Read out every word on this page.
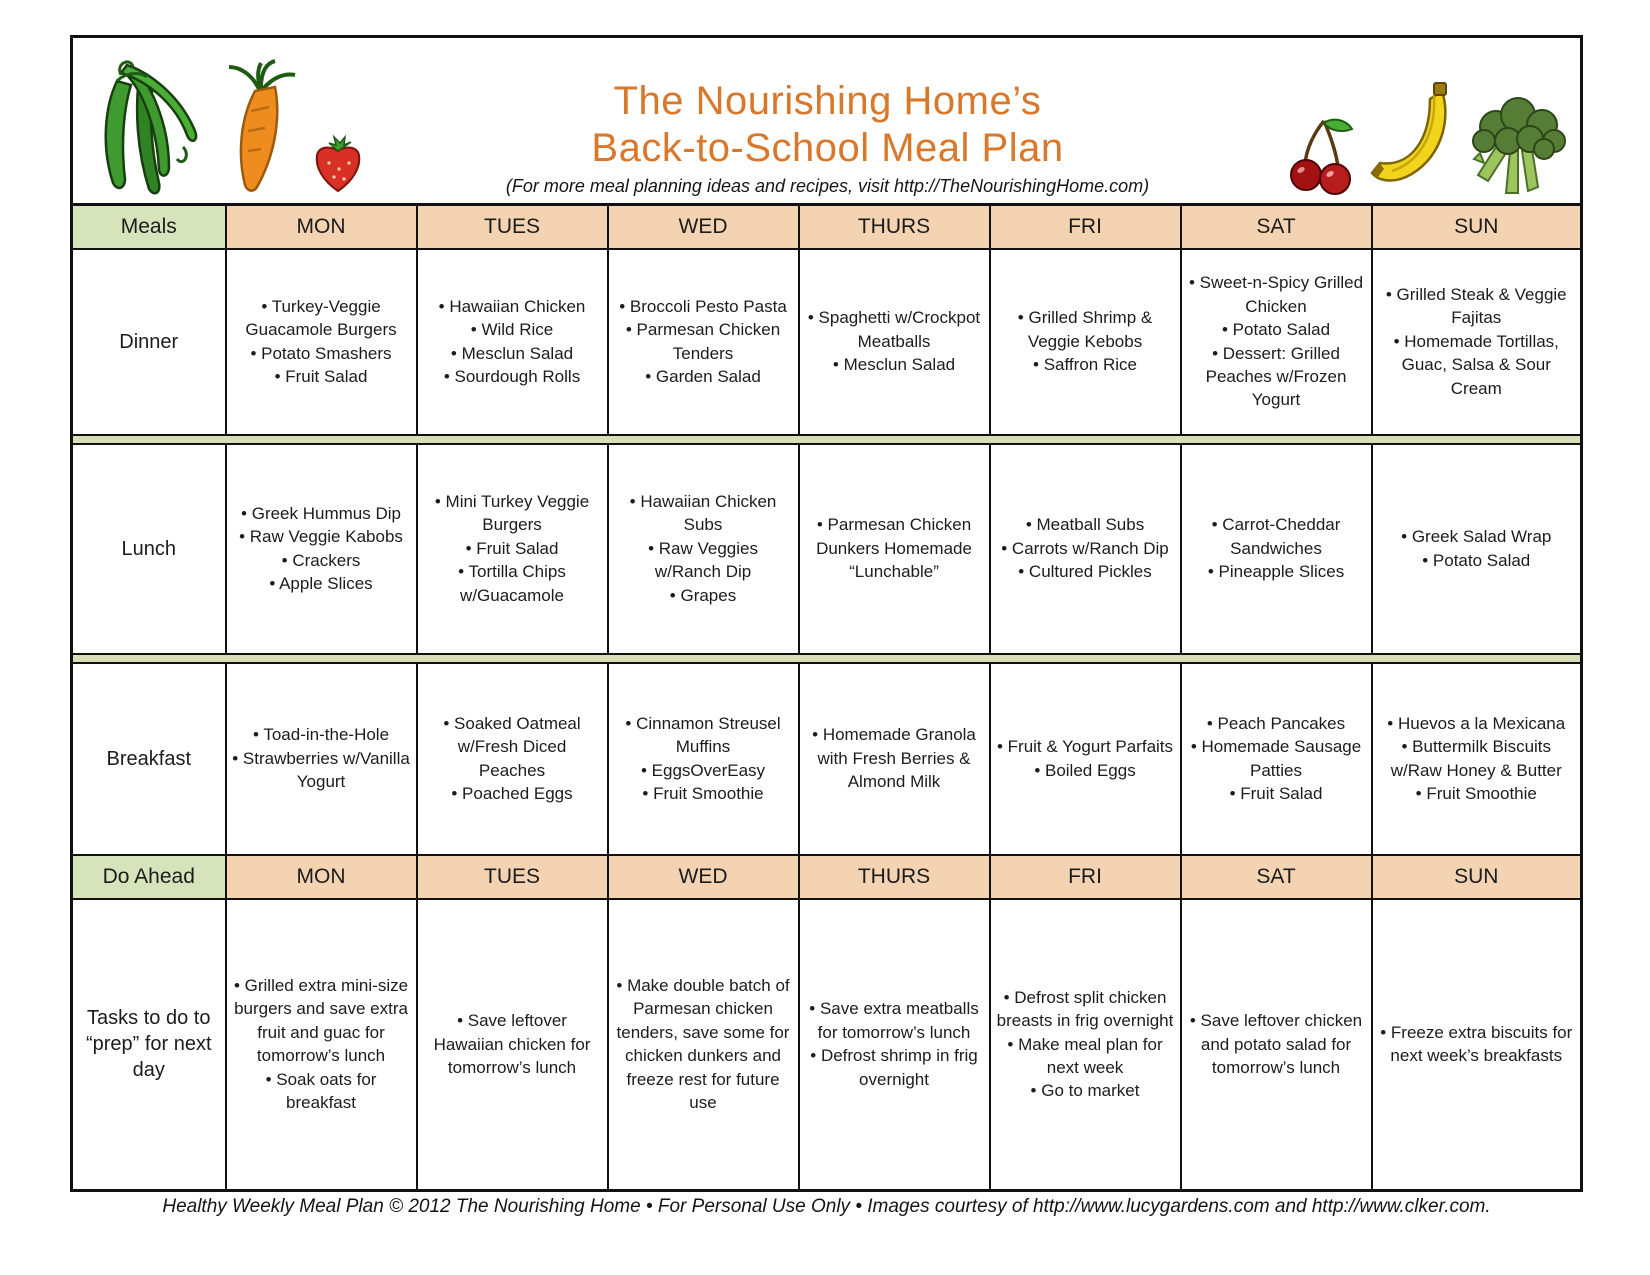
The Nourishing Home’s
Back-to-School Meal Plan
(For more meal planning ideas and recipes, visit http://TheNourishingHome.com)
Meals	MON	TUES	WED	THURS	FRI	SAT	SUN
Dinner	
• Turkey-Veggie Guacamole Burgers
• Potato Smashers
• Fruit Salad

• Hawaiian Chicken
• Wild Rice
• Mesclun Salad
• Sourdough Rolls

• Broccoli Pesto Pasta
• Parmesan Chicken Tenders
• Garden Salad

• Spaghetti w/Crockpot Meatballs
• Mesclun Salad

• Grilled Shrimp & Veggie Kebobs
• Saffron Rice

• Sweet-n-Spicy Grilled Chicken
• Potato Salad
• Dessert: Grilled Peaches w/Frozen Yogurt

• Grilled Steak & Veggie Fajitas
• Homemade Tortillas, Guac, Salsa & Sour Cream

Lunch	
• Greek Hummus Dip
• Raw Veggie Kabobs
• Crackers
• Apple Slices

• Mini Turkey Veggie Burgers
• Fruit Salad
• Tortilla Chips w/Guacamole

• Hawaiian Chicken Subs
• Raw Veggies w/Ranch Dip
• Grapes

• Parmesan Chicken Dunkers Homemade “Lunchable”

• Meatball Subs
• Carrots w/Ranch Dip
• Cultured Pickles

• Carrot-Cheddar Sandwiches
• Pineapple Slices

• Greek Salad Wrap
• Potato Salad

Breakfast	
• Toad-in-the-Hole
• Strawberries w/Vanilla Yogurt

• Soaked Oatmeal w/Fresh Diced Peaches
• Poached Eggs

• Cinnamon Streusel Muffins
• EggsOverEasy
• Fruit Smoothie

• Homemade Granola with Fresh Berries & Almond Milk

• Fruit & Yogurt Parfaits
• Boiled Eggs

• Peach Pancakes
• Homemade Sausage Patties
• Fruit Salad

• Huevos a la Mexicana
• Buttermilk Biscuits w/Raw Honey & Butter
• Fruit Smoothie

Do Ahead	MON	TUES	WED	THURS	FRI	SAT	SUN
Tasks to do to “prep” for next day	
• Grilled extra mini-size burgers and save extra fruit and guac for tomorrow’s lunch
• Soak oats for breakfast

• Save leftover Hawaiian chicken for tomorrow’s lunch

• Make double batch of Parmesan chicken tenders, save some for chicken dunkers and freeze rest for future use

• Save extra meatballs for tomorrow’s lunch
• Defrost shrimp in frig overnight

• Defrost split chicken breasts in frig overnight
• Make meal plan for next week
• Go to market

• Save leftover chicken and potato salad for tomorrow’s lunch

• Freeze extra biscuits for next week’s breakfasts
Healthy Weekly Meal Plan © 2012 The Nourishing Home • For Personal Use Only • Images courtesy of http://www.lucygardens.com and http://www.clker.com.
